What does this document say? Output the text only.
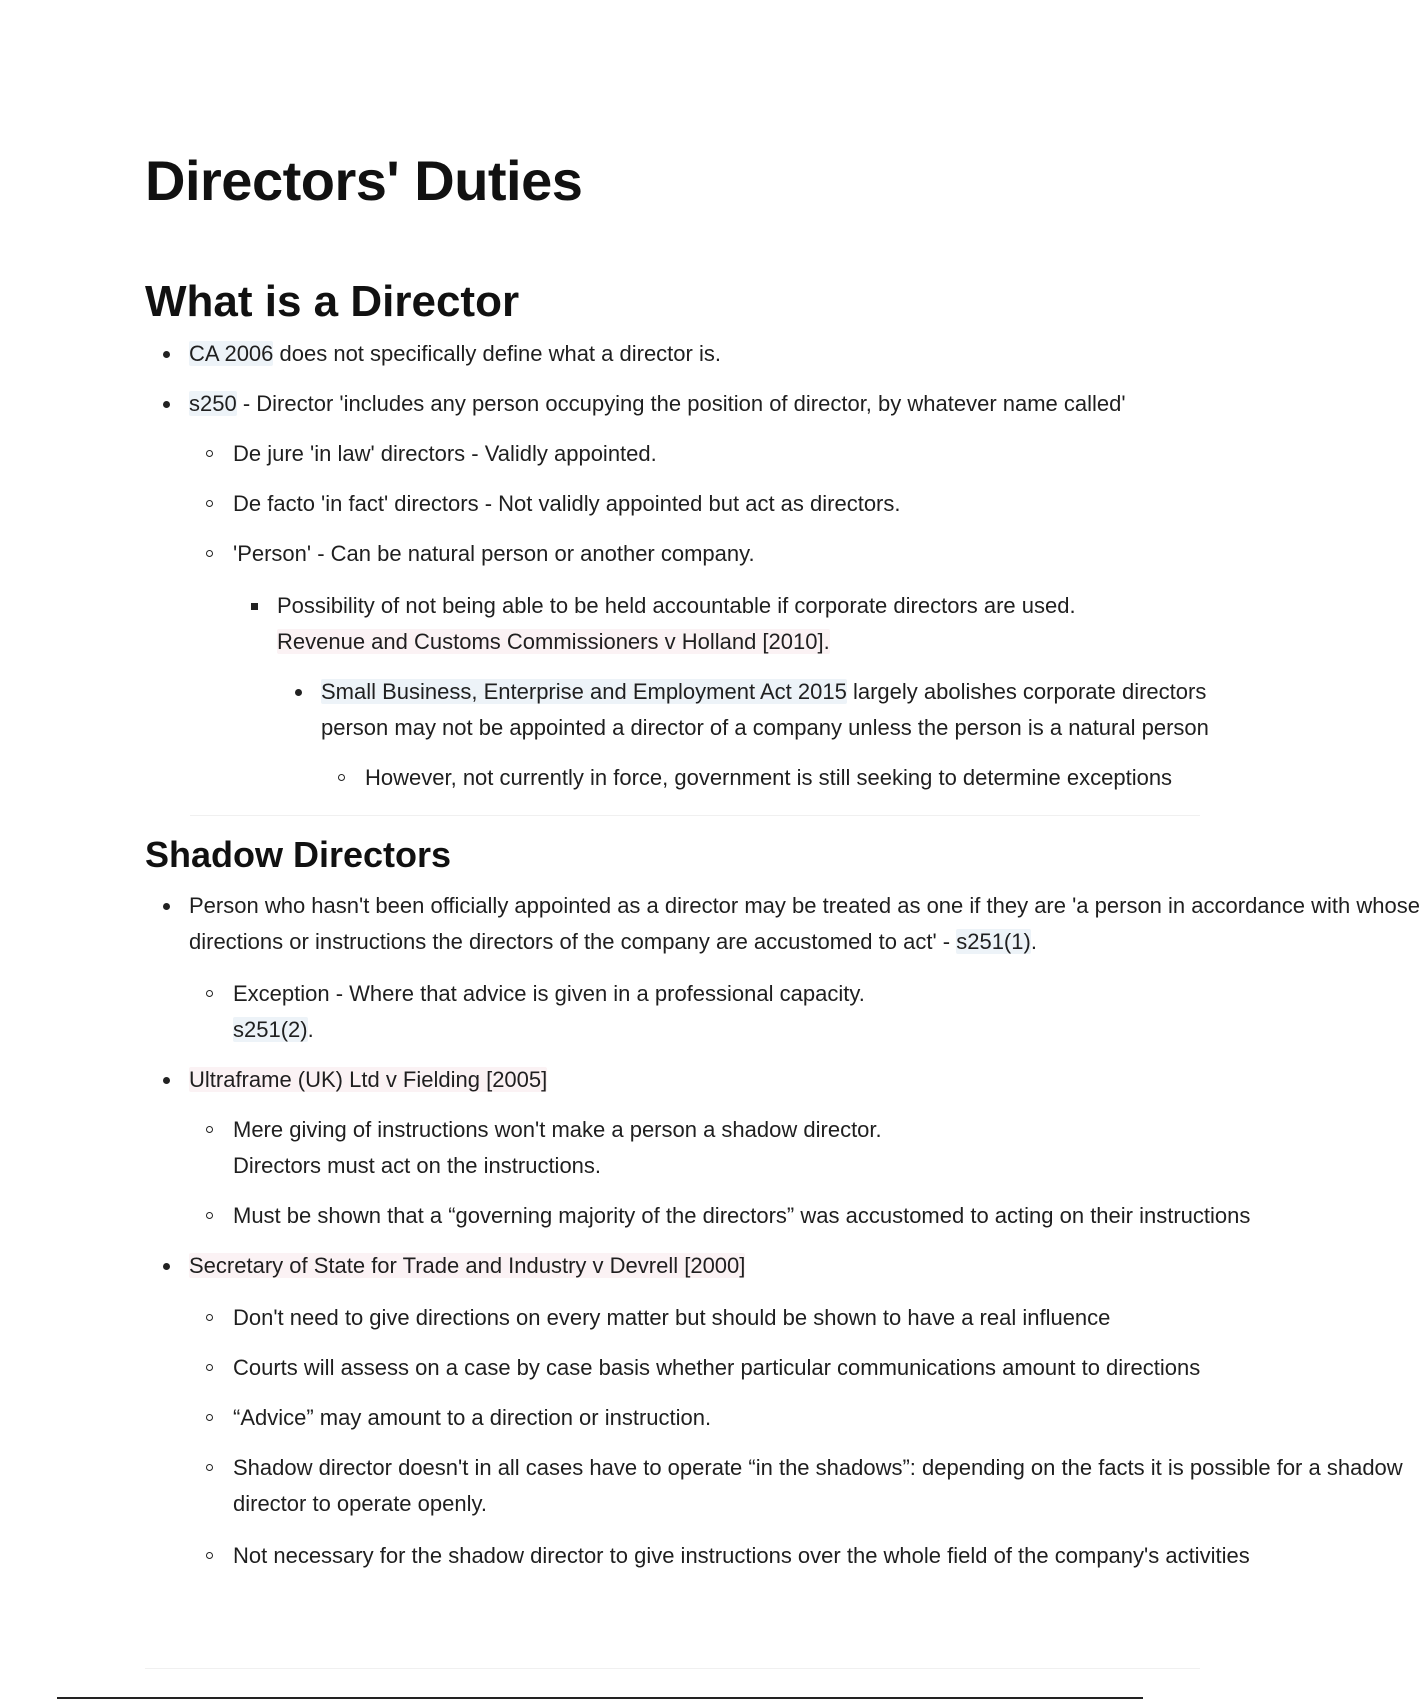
Directors' Duties
What is a Director
CA 2006 does not specifically define what a director is.
s250 - Director 'includes any person occupying the position of director, by whatever name called'
De jure 'in law' directors - Validly appointed.
De facto 'in fact' directors - Not validly appointed but act as directors.
'Person' - Can be natural person or another company.
Possibility of not being able to be held accountable if corporate directors are used.
Revenue and Customs Commissioners v Holland [2010].
Small Business, Enterprise and Employment Act 2015 largely abolishes corporate directors
person may not be appointed a director of a company unless the person is a natural person
However, not currently in force, government is still seeking to determine exceptions
Shadow Directors
Person who hasn't been officially appointed as a director may be treated as one if they are 'a person in accordance with whose
directions or instructions the directors of the company are accustomed to act' - s251(1).
Exception - Where that advice is given in a professional capacity.
s251(2).
Ultraframe (UK) Ltd v Fielding [2005]
Mere giving of instructions won't make a person a shadow director.
Directors must act on the instructions.
Must be shown that a “governing majority of the directors” was accustomed to acting on their instructions
Secretary of State for Trade and Industry v Devrell [2000]
Don't need to give directions on every matter but should be shown to have a real influence
Courts will assess on a case by case basis whether particular communications amount to directions
“Advice” may amount to a direction or instruction.
Shadow director doesn't in all cases have to operate “in the shadows”: depending on the facts it is possible for a shadow
director to operate openly.
Not necessary for the shadow director to give instructions over the whole field of the company's activities
